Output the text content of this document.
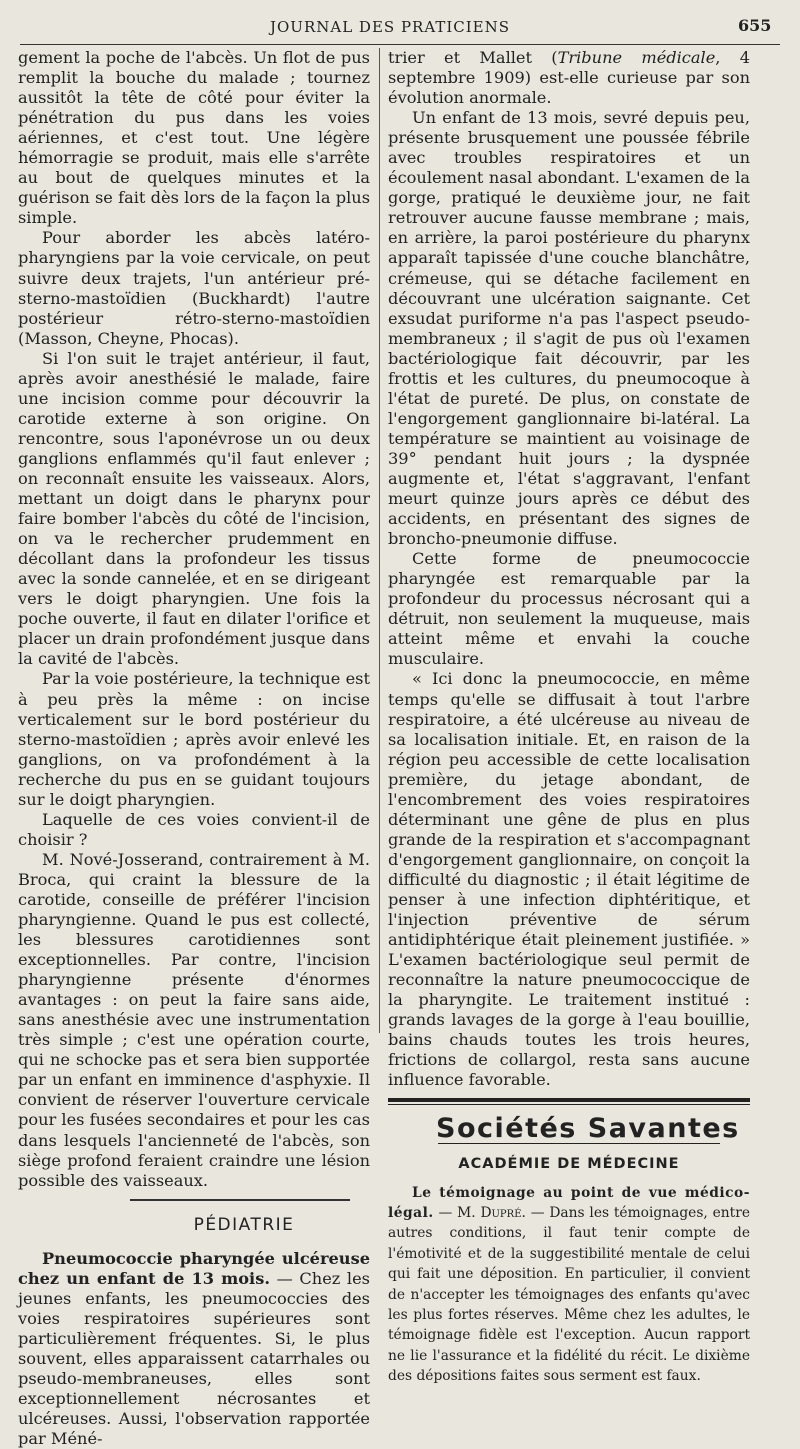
JOURNAL DES PRATICIENS	655

gement la poche de l'abcès. Un flot de pus remplit la bouche du malade ; tournez aussitôt la tête de côté pour éviter la pénétration du pus dans les voies aériennes, et c'est tout. Une légère hémorragie se produit, mais elle s'arrête au bout de quelques minutes et la guérison se fait dès lors de la façon la plus simple.

Pour aborder les abcès latéro-pharyngiens par la voie cervicale, on peut suivre deux trajets, l'un antérieur pré-sterno-mastoïdien (Buckhardt) l'autre postérieur rétro-sterno-mastoïdien (Masson, Cheyne, Phocas).

Si l'on suit le trajet antérieur, il faut, après avoir anesthésié le malade, faire une incision comme pour découvrir la carotide externe à son origine. On rencontre, sous l'aponévrose un ou deux ganglions enflammés qu'il faut enlever ; on reconnaît ensuite les vaisseaux. Alors, mettant un doigt dans le pharynx pour faire bomber l'abcès du côté de l'incision, on va le rechercher prudemment en décollant dans la profondeur les tissus avec la sonde cannelée, et en se dirigeant vers le doigt pharyngien. Une fois la poche ouverte, il faut en dilater l'orifice et placer un drain profondément jusque dans la cavité de l'abcès.

Par la voie postérieure, la technique est à peu près la même : on incise verticalement sur le bord postérieur du sterno-mastoïdien ; après avoir enlevé les ganglions, on va profondément à la recherche du pus en se guidant toujours sur le doigt pharyngien.

Laquelle de ces voies convient-il de choisir ?

M. Nové-Josserand, contrairement à M. Broca, qui craint la blessure de la carotide, conseille de préférer l'incision pharyngienne. Quand le pus est collecté, les blessures carotidiennes sont exceptionnelles. Par contre, l'incision pharyngienne présente d'énormes avantages : on peut la faire sans aide, sans anesthésie avec une instrumentation très simple ; c'est une opération courte, qui ne schocke pas et sera bien supportée par un enfant en imminence d'asphyxie. Il convient de réserver l'ouverture cervicale pour les fusées secondaires et pour les cas dans lesquels l'ancienneté de l'abcès, son siège profond feraient craindre une lésion possible des vaisseaux.

PÉDIATRIE

Pneumococcie pharyngée ulcéreuse chez un enfant de 13 mois. — Chez les jeunes enfants, les pneumococcies des voies respiratoires supérieures sont particulièrement fréquentes. Si, le plus souvent, elles apparaissent catarrhales ou pseudo-membraneuses, elles sont exceptionnellement nécrosantes et ulcéreuses. Aussi, l'observation rapportée par Méné-

trier et Mallet (Tribune médicale, 4 septembre 1909) est-elle curieuse par son évolution anormale.

Un enfant de 13 mois, sevré depuis peu, présente brusquement une poussée fébrile avec troubles respiratoires et un écoulement nasal abondant. L'examen de la gorge, pratiqué le deuxième jour, ne fait retrouver aucune fausse membrane ; mais, en arrière, la paroi postérieure du pharynx apparaît tapissée d'une couche blanchâtre, crémeuse, qui se détache facilement en découvrant une ulcération saignante. Cet exsudat puriforme n'a pas l'aspect pseudo-membraneux ; il s'agit de pus où l'examen bactériologique fait découvrir, par les frottis et les cultures, du pneumocoque à l'état de pureté. De plus, on constate de l'engorgement ganglionnaire bi-latéral. La température se maintient au voisinage de 39° pendant huit jours ; la dyspnée augmente et, l'état s'aggravant, l'enfant meurt quinze jours après ce début des accidents, en présentant des signes de broncho-pneumonie diffuse.

Cette forme de pneumococcie pharyngée est remarquable par la profondeur du processus nécrosant qui a détruit, non seulement la muqueuse, mais atteint même et envahi la couche musculaire.

« Ici donc la pneumococcie, en même temps qu'elle se diffusait à tout l'arbre respiratoire, a été ulcéreuse au niveau de sa localisation initiale. Et, en raison de la région peu accessible de cette localisation première, du jetage abondant, de l'encombrement des voies respiratoires déterminant une gêne de plus en plus grande de la respiration et s'accompagnant d'engorgement ganglionnaire, on conçoit la difficulté du diagnostic ; il était légitime de penser à une infection diphtéritique, et l'injection préventive de sérum antidiphtérique était pleinement justifiée. » L'examen bactériologique seul permit de reconnaître la nature pneumococcique de la pharyngite. Le traitement institué : grands lavages de la gorge à l'eau bouillie, bains chauds toutes les trois heures, frictions de collargol, resta sans aucune influence favorable.

Sociétés Savantes
ACADÉMIE DE MÉDECINE

Le témoignage au point de vue médico-légal. — M. Dupré. — Dans les témoignages, entre autres conditions, il faut tenir compte de l'émotivité et de la suggestibilité mentale de celui qui fait une déposition. En particulier, il convient de n'accepter les témoignages des enfants qu'avec les plus fortes réserves. Même chez les adultes, le témoignage fidèle est l'exception. Aucun rapport ne lie l'assurance et la fidélité du récit. Le dixième des dépositions faites sous serment est faux.
